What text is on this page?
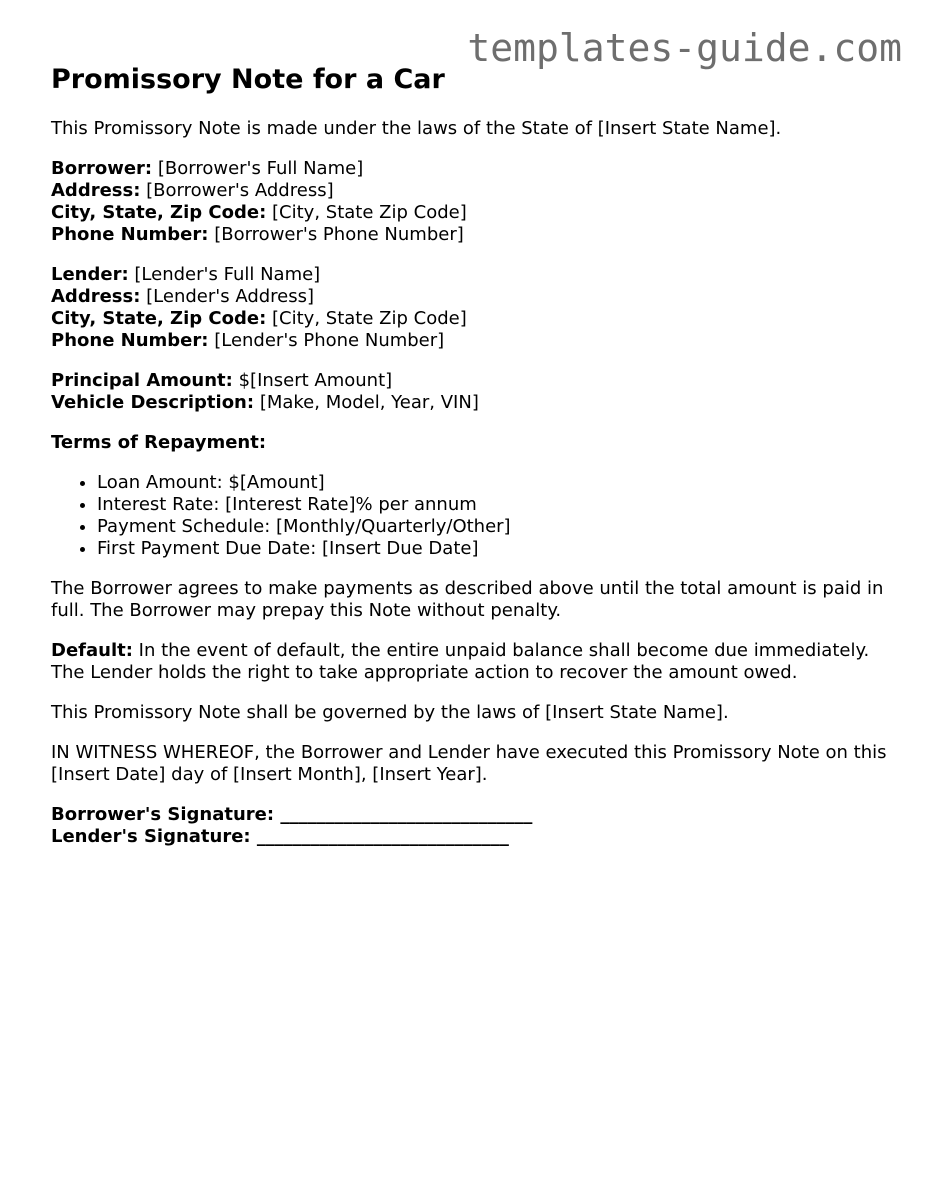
templates-guide.com
Promissory Note for a Car

This Promissory Note is made under the laws of the State of [Insert State Name].

Borrower: [Borrower's Full Name]

Address: [Borrower's Address]

City, State, Zip Code: [City, State Zip Code]

Phone Number: [Borrower's Phone Number]

Lender: [Lender's Full Name]

Address: [Lender's Address]

City, State, Zip Code: [City, State Zip Code]

Phone Number: [Lender's Phone Number]

Principal Amount: $[Insert Amount]

Vehicle Description: [Make, Model, Year, VIN]

Terms of Repayment:

• Loan Amount: $[Amount]
• Interest Rate: [Interest Rate]% per annum
• Payment Schedule: [Monthly/Quarterly/Other]
• First Payment Due Date: [Insert Due Date]

The Borrower agrees to make payments as described above until the total amount is paid in full. The Borrower may prepay this Note without penalty.

Default: In the event of default, the entire unpaid balance shall become due immediately. The Lender holds the right to take appropriate action to recover the amount owed.

This Promissory Note shall be governed by the laws of [Insert State Name].

IN WITNESS WHEREOF, the Borrower and Lender have executed this Promissory Note on this [Insert Date] day of [Insert Month], [Insert Year].

Borrower's Signature: ____________________________

Lender's Signature: ____________________________
